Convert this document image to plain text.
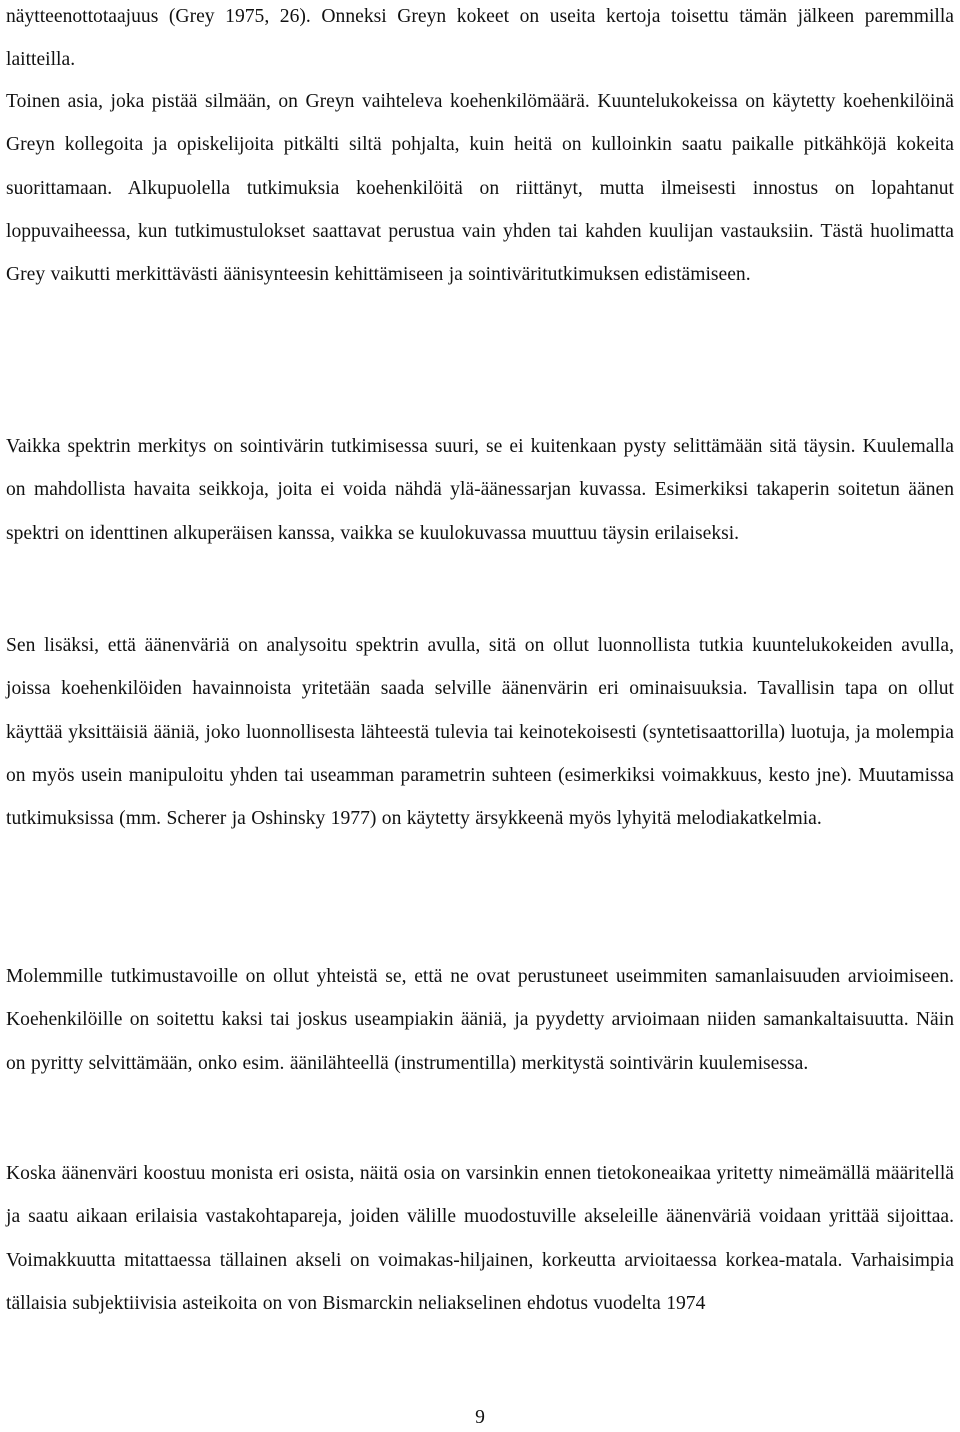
näytteenottotaajuus (Grey 1975, 26). Onneksi Greyn kokeet on useita kertoja toisettu tämän jälkeen paremmilla laitteilla.

Toinen asia, joka pistää silmään, on Greyn vaihteleva koehenkilömäärä. Kuuntelukokeissa on käytetty koehenkilöinä Greyn kollegoita ja opiskelijoita pitkälti siltä pohjalta, kuin heitä on kulloinkin saatu paikalle pitkähköjä kokeita suorittamaan. Alkupuolella tutkimuksia koehenkilöitä on riittänyt, mutta ilmeisesti innostus on lopahtanut loppuvaiheessa, kun tutkimustulokset saattavat perustua vain yhden tai kahden kuulijan vastauksiin. Tästä huolimatta Grey vaikutti merkittävästi äänisynteesin kehittämiseen ja sointiväritutkimuksen edistämiseen.

Vaikka spektrin merkitys on sointivärin tutkimisessa suuri, se ei kuitenkaan pysty selittämään sitä täysin. Kuulemalla on mahdollista havaita seikkoja, joita ei voida nähdä ylä-äänessarjan kuvassa. Esimerkiksi takaperin soitetun äänen spektri on identtinen alkuperäisen kanssa, vaikka se kuulokuvassa muuttuu täysin erilaiseksi.

Sen lisäksi, että äänenväriä on analysoitu spektrin avulla, sitä on ollut luonnollista tutkia kuuntelukokeiden avulla, joissa koehenkilöiden havainnoista yritetään saada selville äänenvärin eri ominaisuuksia. Tavallisin tapa on ollut käyttää yksittäisiä ääniä, joko luonnollisesta lähteestä tulevia tai keinotekoisesti (syntetisaattorilla) luotuja, ja molempia on myös usein manipuloitu yhden tai useamman parametrin suhteen (esimerkiksi voimakkuus, kesto jne). Muutamissa tutkimuksissa (mm. Scherer ja Oshinsky 1977) on käytetty ärsykkeenä myös lyhyitä melodiakatkelmia.

Molemmille tutkimustavoille on ollut yhteistä se, että ne ovat perustuneet useimmiten samanlaisuuden arvioimiseen. Koehenkilöille on soitettu kaksi tai joskus useampiakin ääniä, ja pyydetty arvioimaan niiden samankaltaisuutta. Näin on pyritty selvittämään, onko esim. äänilähteellä (instrumentilla) merkitystä sointivärin kuulemisessa.

Koska äänenväri koostuu monista eri osista, näitä osia on varsinkin ennen tietokoneaikaa yritetty nimeämällä määritellä ja saatu aikaan erilaisia vastakohtapareja, joiden välille muodostuville akseleille äänenväriä voidaan yrittää sijoittaa. Voimakkuutta mitattaessa tällainen akseli on voimakas-hiljainen, korkeutta arvioitaessa korkea-matala. Varhaisimpia tällaisia subjektiivisia asteikoita on von Bismarckin neliakselinen ehdotus vuodelta 1974

9
